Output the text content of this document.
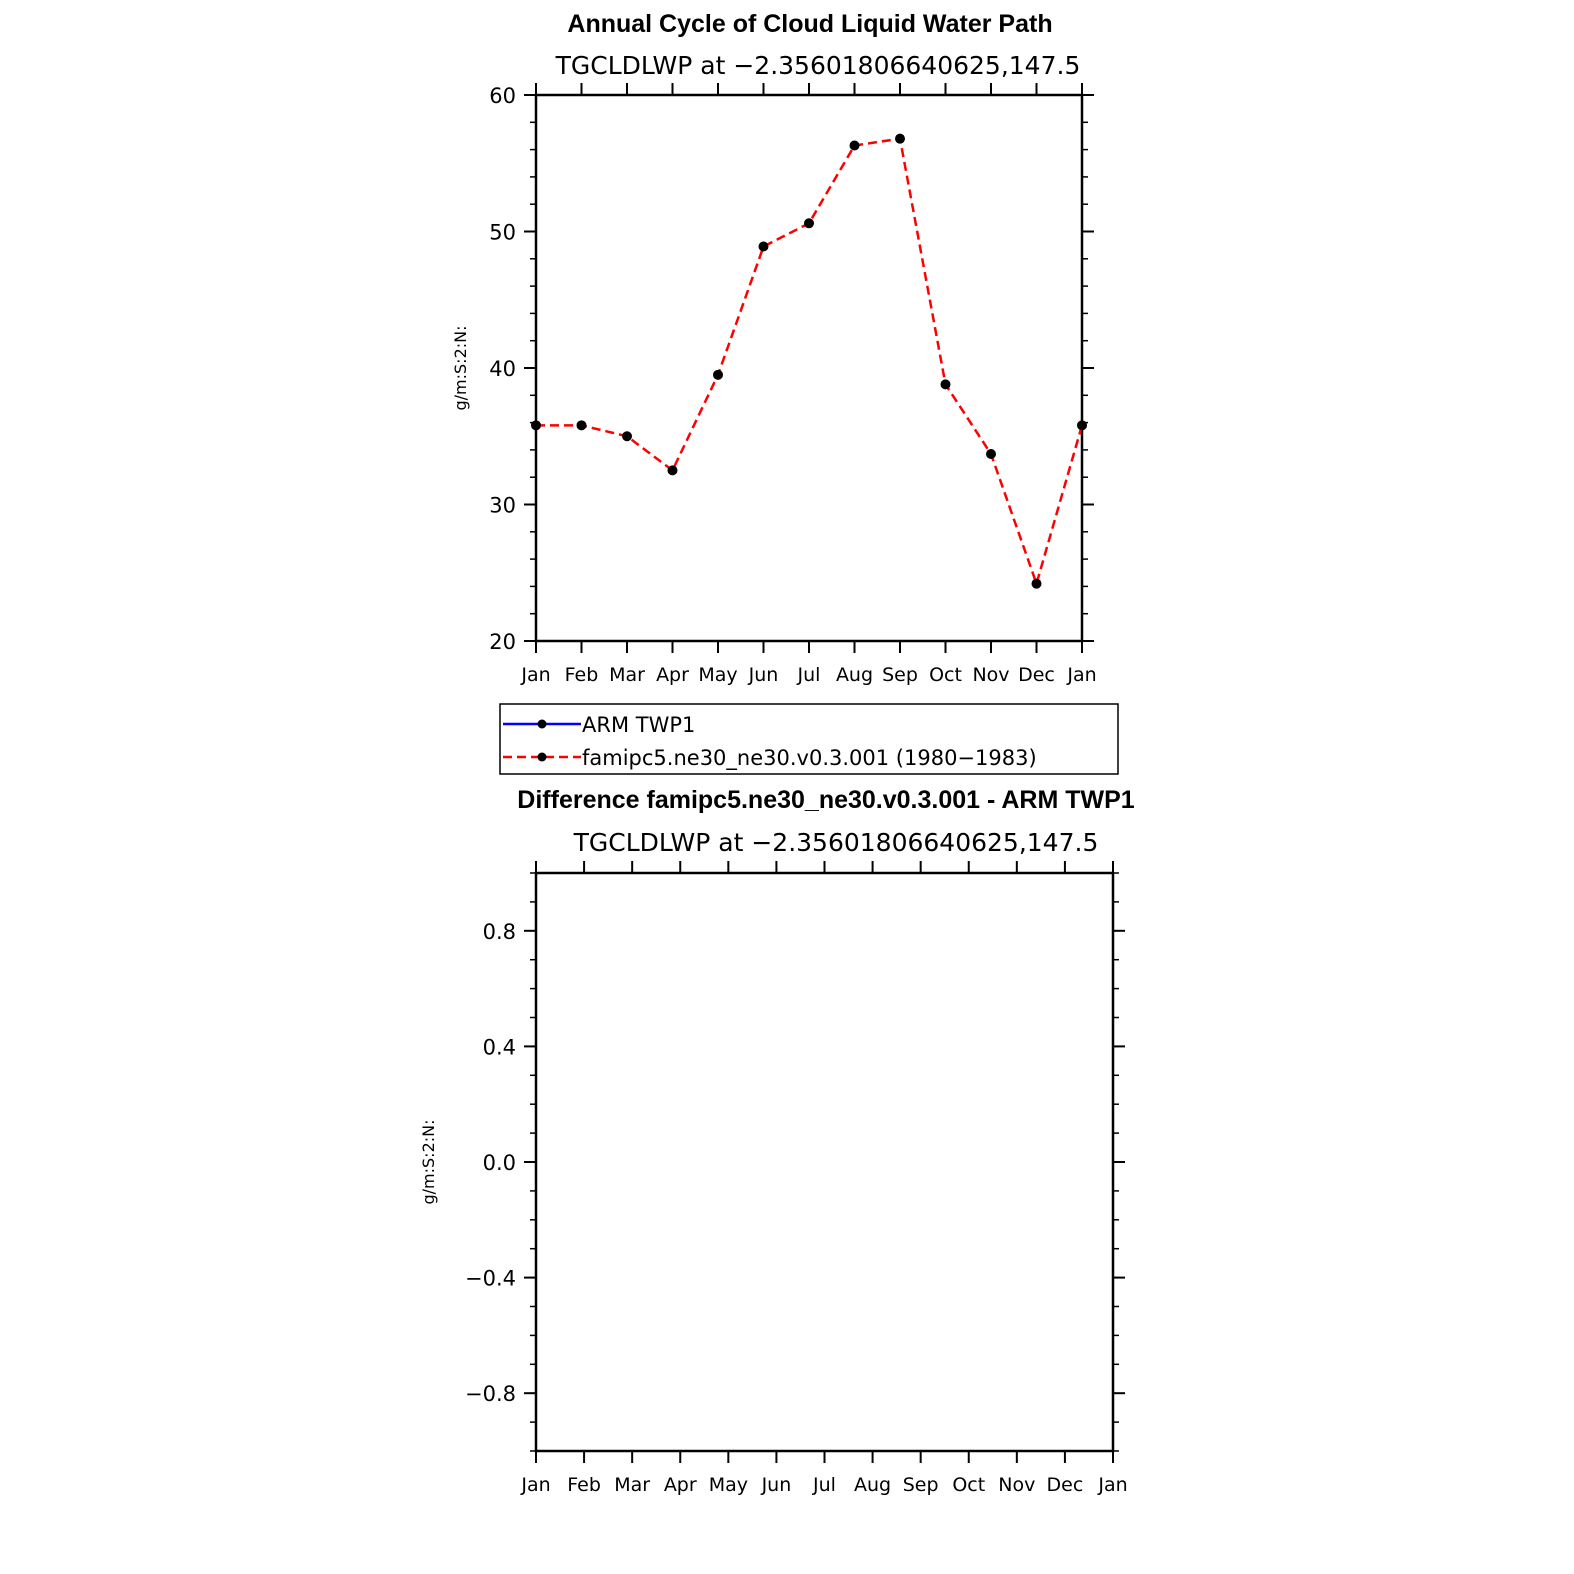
Annual Cycle of Cloud Liquid Water Path
TGCLDLWP at −2.35601806640625,147.5
g/m:S:2:N:
Jan Feb Mar Apr May Jun Jul Aug Sep Oct Nov Dec Jan
20
30
40
50
60
ARM TWP1
famipc5.ne30_ne30.v0.3.001 (1980−1983)
Difference famipc5.ne30_ne30.v0.3.001 - ARM TWP1
TGCLDLWP at −2.35601806640625,147.5
g/m:S:2:N:
Jan Feb Mar Apr May Jun Jul Aug Sep Oct Nov Dec Jan
−0.8
−0.4
0.0
0.4
0.8
